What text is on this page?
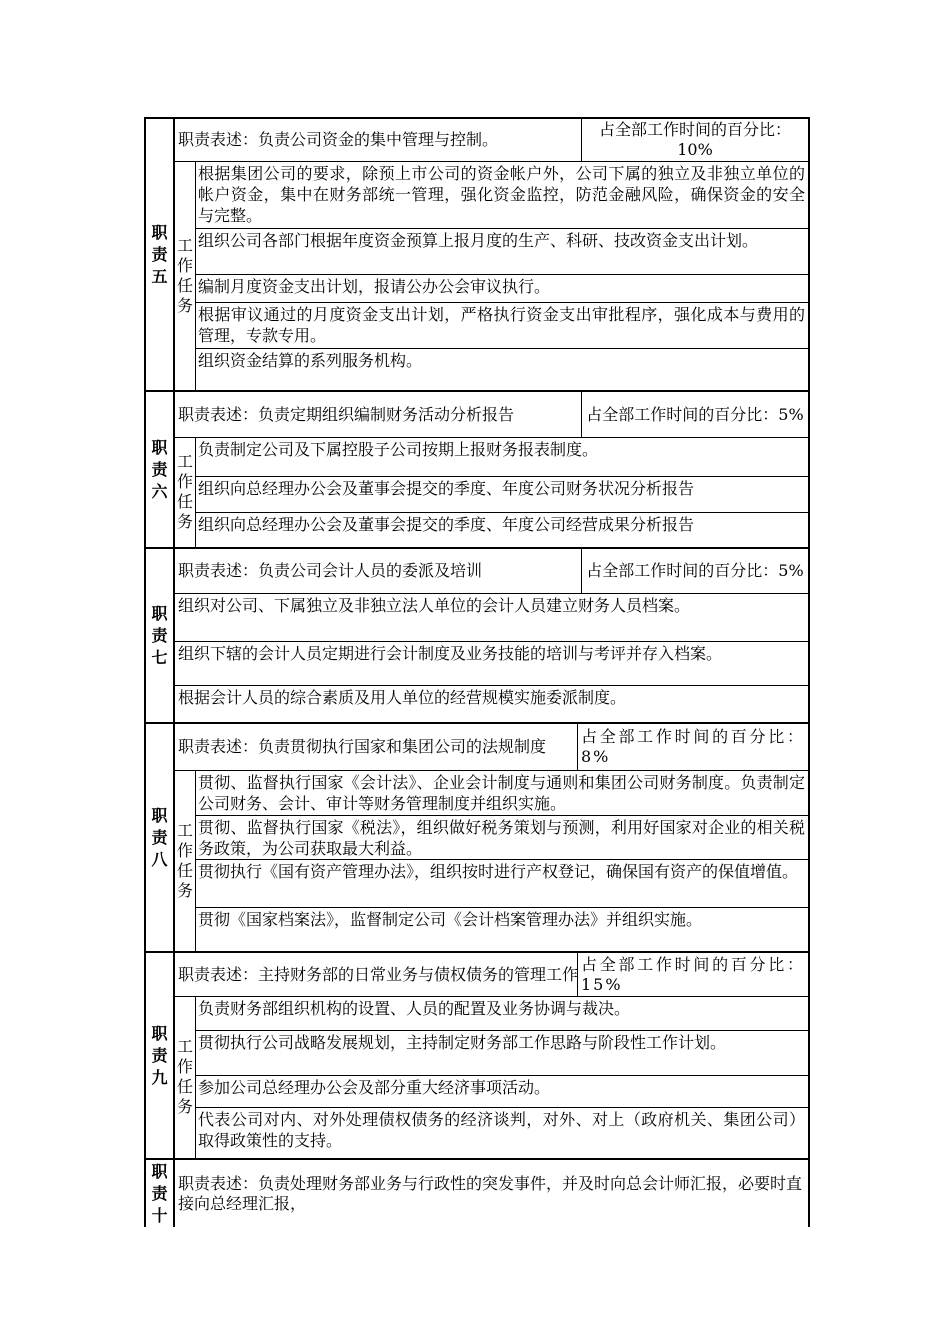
职责五
职责表述：负责公司资金的集中管理与控制。
占全部工作时间的百分比：10%
工作任务
根据集团公司的要求，除预上市公司的资金帐户外，公司下属的独立及非独立单位的帐户资金，集中在财务部统一管理，强化资金监控，防范金融风险，确保资金的安全与完整。
组织公司各部门根据年度资金预算上报月度的生产、科研、技改资金支出计划。
编制月度资金支出计划，报请公办公会审议执行。
根据审议通过的月度资金支出计划，严格执行资金支出审批程序，强化成本与费用的管理，专款专用。
组织资金结算的系列服务机构。
职责六
职责表述：负责定期组织编制财务活动分析报告	占全部工作时间的百分比：5%
工作任务
负责制定公司及下属控股子公司按期上报财务报表制度。
组织向总经理办公会及董事会提交的季度、年度公司财务状况分析报告
组织向总经理办公会及董事会提交的季度、年度公司经营成果分析报告
职责七
职责表述：负责公司会计人员的委派及培训	占全部工作时间的百分比：5%
组织对公司、下属独立及非独立法人单位的会计人员建立财务人员档案。
组织下辖的会计人员定期进行会计制度及业务技能的培训与考评并存入档案。
根据会计人员的综合素质及用人单位的经营规模实施委派制度。
职责八
职责表述：负责贯彻执行国家和集团公司的法规制度
占全部工作时间的百分比：8%
工作任务
贯彻、监督执行国家《会计法》、企业会计制度与通则和集团公司财务制度。负责制定公司财务、会计、审计等财务管理制度并组织实施。
贯彻、监督执行国家《税法》，组织做好税务策划与预测，利用好国家对企业的相关税务政策，为公司获取最大利益。
贯彻执行《国有资产管理办法》，组织按时进行产权登记，确保国有资产的保值增值。
贯彻《国家档案法》，监督制定公司《会计档案管理办法》并组织实施。
职责九
职责表述：主持财务部的日常业务与债权债务的管理工作
占全部工作时间的百分比：15%
工作任务
负责财务部组织机构的设置、人员的配置及业务协调与裁决。
贯彻执行公司战略发展规划，主持制定财务部工作思路与阶段性工作计划。
参加公司总经理办公会及部分重大经济事项活动。
代表公司对内、对外处理债权债务的经济谈判，对外、对上（政府机关、集团公司）取得政策性的支持。
职责十
职责表述：负责处理财务部业务与行政性的突发事件，并及时向总会计师汇报，必要时直接向总经理汇报，
